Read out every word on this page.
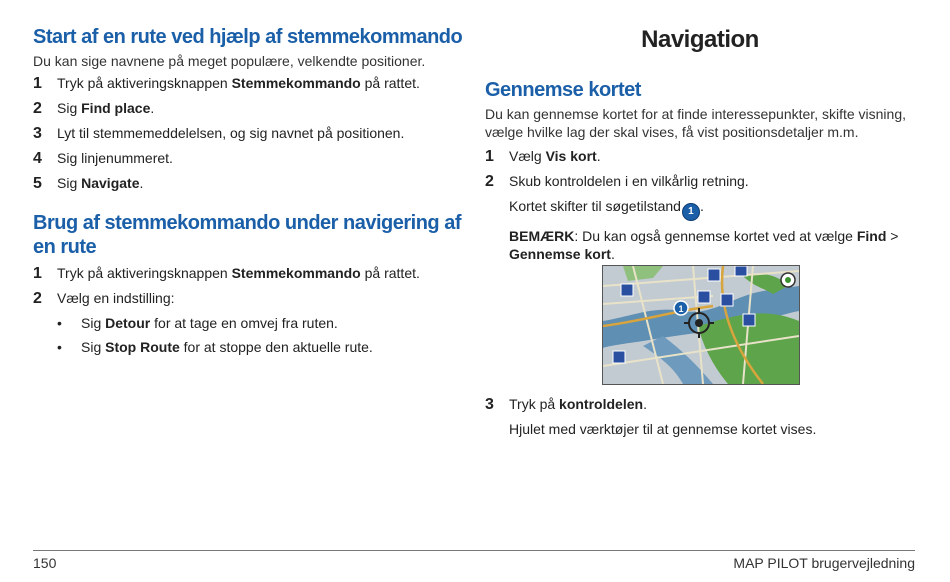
Start af en rute ved hjælp af stemmekommando
Du kan sige navnene på meget populære, velkendte positioner.
1	Tryk på aktiveringsknappen Stemmekommando på rattet.
2	Sig Find place.
3	Lyt til stemmemeddelelsen, og sig navnet på positionen.
4	Sig linjenummeret.
5	Sig Navigate.
Brug af stemmekommando under navigering af en rute
1	Tryk på aktiveringsknappen Stemmekommando på rattet.
2	Vælg en indstilling:
•	Sig Detour for at tage en omvej fra ruten.
•	Sig Stop Route for at stoppe den aktuelle rute.
Navigation
Gennemse kortet
Du kan gennemse kortet for at finde interessepunkter, skifte visning, vælge hvilke lag der skal vises, få vist positionsdetaljer m.m.
1	Vælg Vis kort.
2	Skub kontroldelen i en vilkårlig retning.
Kortet skifter til søgetilstand 1 .
BEMÆRK: Du kan også gennemse kortet ved at vælge Find > Gennemse kort.
1
3	Tryk på kontroldelen.
Hjulet med værktøjer til at gennemse kortet vises.
150	MAP PILOT brugervejledning
